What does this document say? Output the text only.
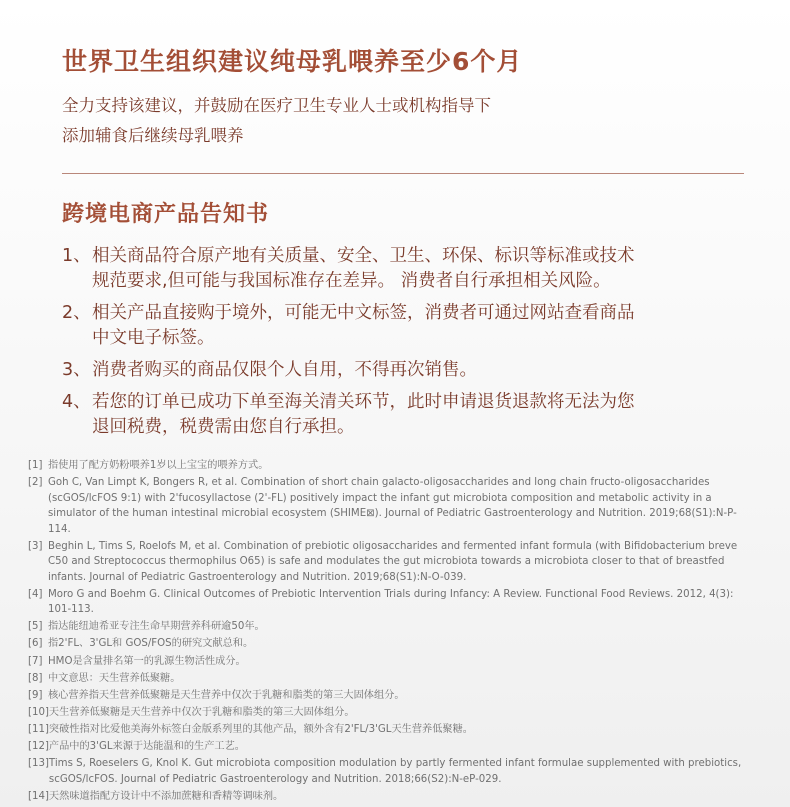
世界卫生组织建议纯母乳喂养至少6个月
全力支持该建议，并鼓励在医疗卫生专业人士或机构指导下
添加辅食后继续母乳喂养
跨境电商产品告知书
1、相关商品符合原产地有关质量、安全、卫生、环保、标识等标准或技术
规范要求,但可能与我国标准存在差异。 消费者自行承担相关风险。
2、相关产品直接购于境外，可能无中文标签，消费者可通过网站查看商品
中文电子标签。
3、消费者购买的商品仅限个人自用，不得再次销售。
4、若您的订单已成功下单至海关清关环节，此时申请退货退款将无法为您
退回税费，税费需由您自行承担。
[1] 指使用了配方奶粉喂养1岁以上宝宝的喂养方式。
[2] Goh C, Van Limpt K, Bongers R, et al. Combination of short chain galacto-oligosaccharides and long chain fructo-oligosaccharides (scGOS/lcFOS 9:1) with 2'fucosyllactose (2'-FL) positively impact the infant gut microbiota composition and metabolic activity in a simulator of the human intestinal microbial ecosystem (SHIME⊠). Journal of Pediatric Gastroenterology and Nutrition. 2019;68(S1):N-P-114.
[3] Beghin L, Tims S, Roelofs M, et al. Combination of prebiotic oligosaccharides and fermented infant formula (with Bifidobacterium breve C50 and Streptococcus thermophilus O65) is safe and modulates the gut microbiota towards a microbiota closer to that of breastfed infants. Journal of Pediatric Gastroenterology and Nutrition. 2019;68(S1):N-O-039.
[4] Moro G and Boehm G. Clinical Outcomes of Prebiotic Intervention Trials during Infancy: A Review. Functional Food Reviews. 2012, 4(3): 101-113.
[5] 指达能纽迪希亚专注生命早期营养科研逾50年。
[6] 指2'FL、3'GL和 GOS/FOS的研究文献总和。
[7] HMO是含量排名第一的乳源生物活性成分。
[8] 中文意思：天生营养低聚糖。
[9] 核心营养指天生营养低聚糖是天生营养中仅次于乳糖和脂类的第三大固体组分。
[10] 天生营养低聚糖是天生营养中仅次于乳糖和脂类的第三大固体组分。
[11] 突破性指对比爱他美海外标签白金版系列里的其他产品，额外含有2'FL/3'GL天生营养低聚糖。
[12] 产品中的3'GL来源于达能温和的生产工艺。
[13] Tims S, Roeselers G, Knol K. Gut microbiota composition modulation by partly fermented infant formulae supplemented with prebiotics, scGOS/lcFOS. Journal of Pediatric Gastroenterology and Nutrition. 2018;66(S2):N-eP-029.
[14] 天然味道指配方设计中不添加蔗糖和香精等调味剂。
